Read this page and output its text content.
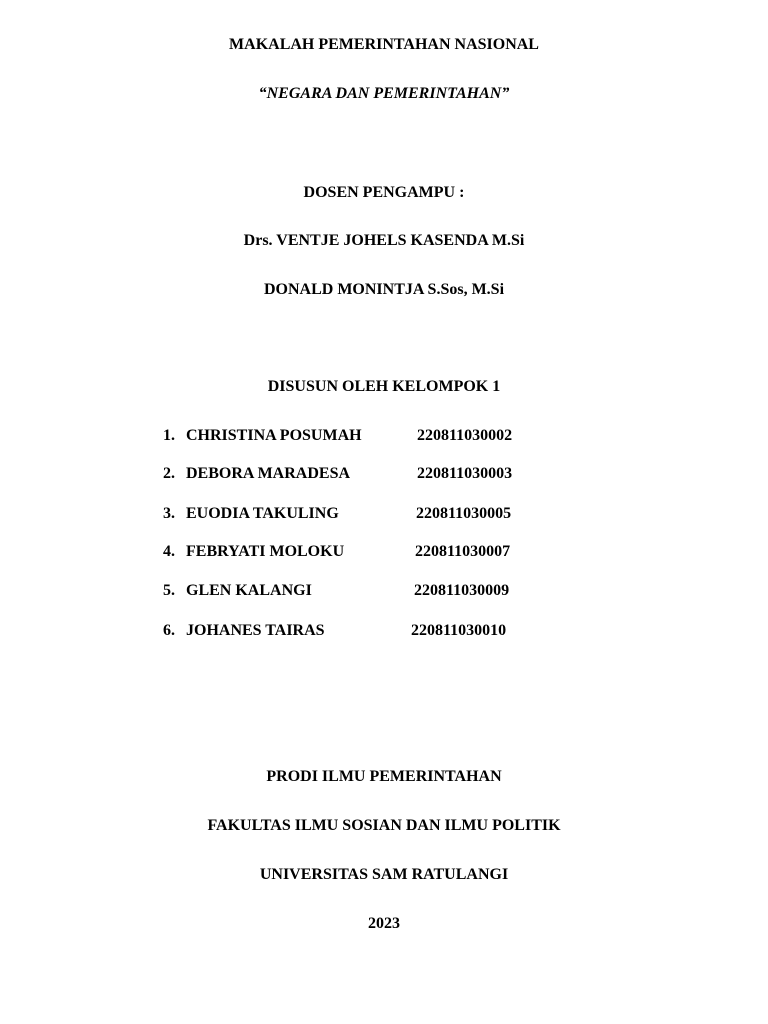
MAKALAH PEMERINTAHAN NASIONAL
“NEGARA DAN PEMERINTAHAN”
DOSEN PENGAMPU :
Drs. VENTJE JOHELS KASENDA M.Si
DONALD MONINTJA S.Sos, M.Si
DISUSUN OLEH KELOMPOK 1
1. CHRISTINA POSUMAH	220811030002
2. DEBORA MARADESA	220811030003
3. EUODIA TAKULING	220811030005
4. FEBRYATI MOLOKU	220811030007
5. GLEN KALANGI	220811030009
6. JOHANES TAIRAS	220811030010
PRODI ILMU PEMERINTAHAN
FAKULTAS ILMU SOSIAN DAN ILMU POLITIK
UNIVERSITAS SAM RATULANGI
2023
